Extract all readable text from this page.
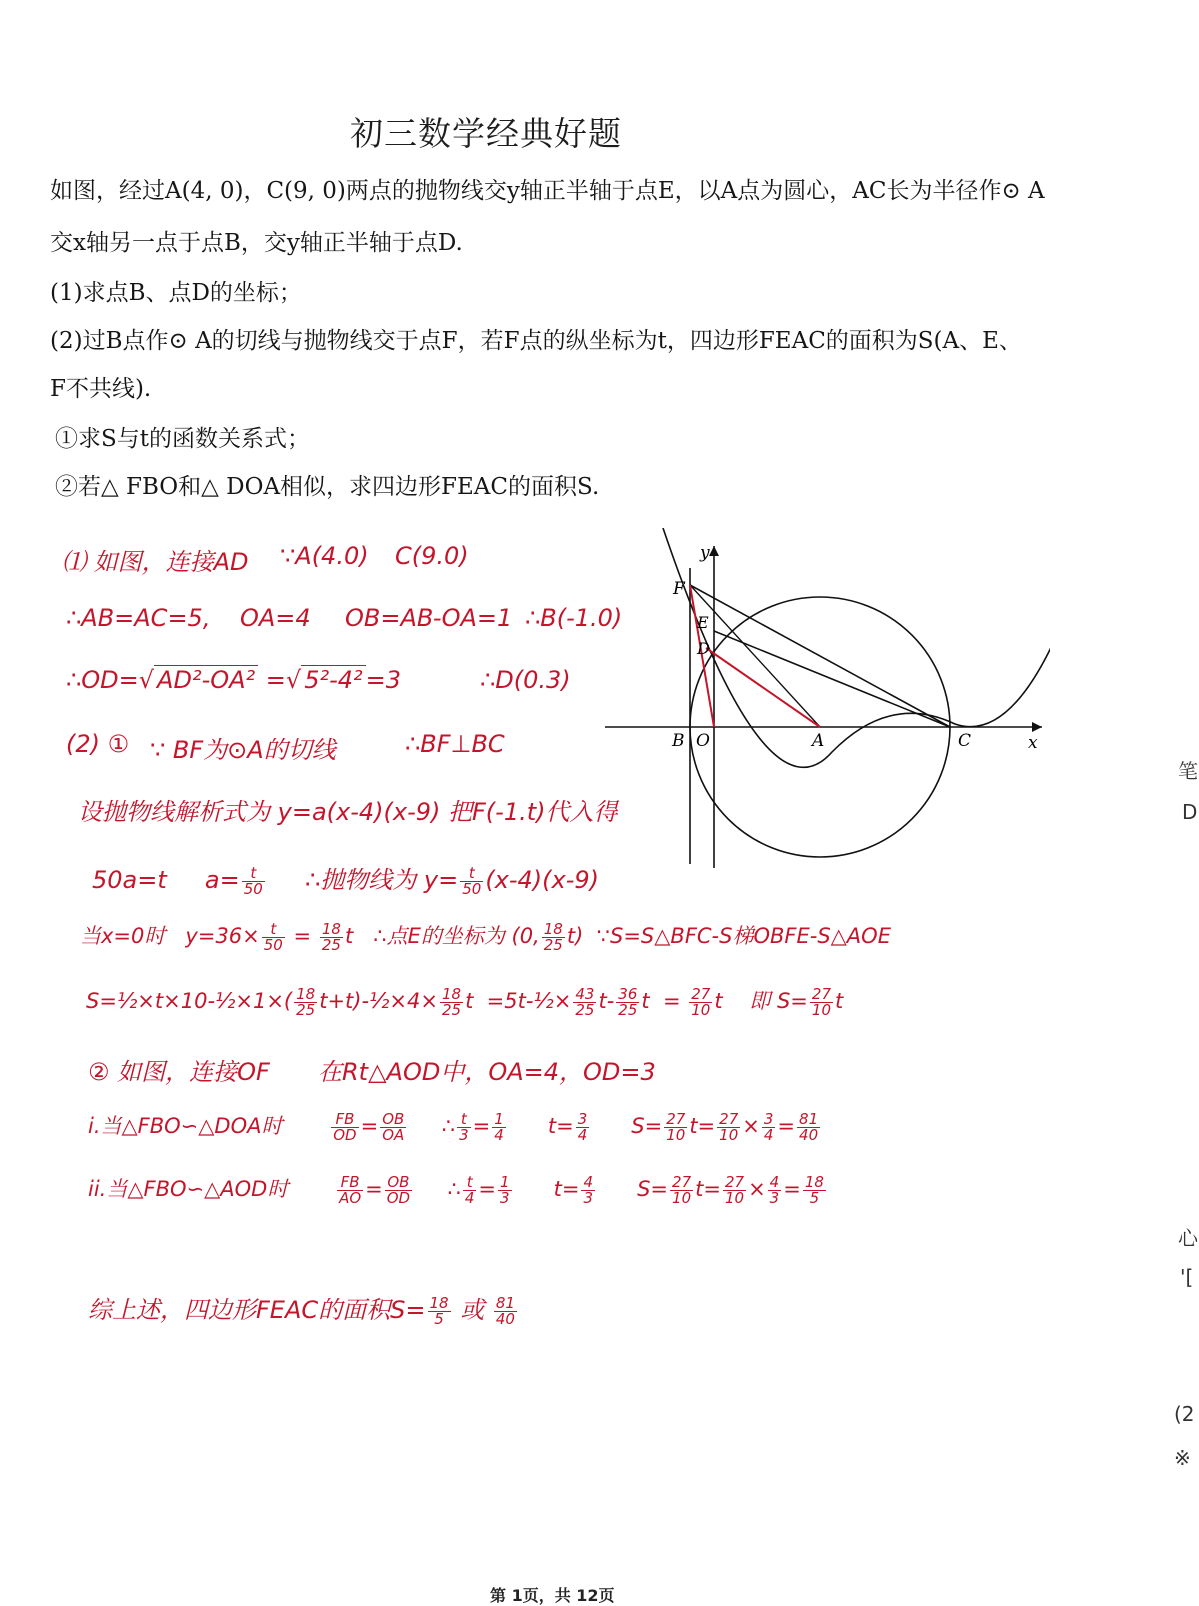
初三数学经典好题
如图，经过A(4, 0)，C(9, 0)两点的抛物线交y轴正半轴于点E，以A点为圆心，AC长为半径作⊙ A
交x轴另一点于点B，交y轴正半轴于点D.
(1)求点B、点D的坐标；
(2)过B点作⊙ A的切线与抛物线交于点F，若F点的纵坐标为t，四边形FEAC的面积为S(A、E、
F不共线).
①求S与t的函数关系式；
②若△ FBO和△ DOA相似，求四边形FEAC的面积S.
y
x
F
E
D
B O	A	C
⑴ 如图，连接AD ∵A(4.0) C(9.0)
∴AB=AC=5, OA=4 OB=AB-OA=1 ∴B(-1.0)
∴OD=√ AD²-OA² =√ 5²-4² =3	∴D(0.3)
(2) ① ∵ BF为⊙A的切线	∴BF⊥BC
设抛物线解析式为 y=a(x-4)(x-9) 把F(-1.t)代入得
50a=t $a= \frac{t}{50}$ ∴抛物线为 $y= \frac{t}{50} (x-4)(x-9)$
当x=0时 $y=36\times \frac{t}{50} = \frac{18}{25}$ t ∴点E的坐标为 (0, $\frac{18}{25} t$) ∵S=S△BFC-S梯OBFE-S△AOE
S=½×t×10-½×1×( $\frac{18}{25}$ t+t)-½×4× $\frac{18}{25}$ t =5t-½× $\frac{43}{25} t- \frac{36}{25}$ $t = \frac{27}{10}$ t 即 $S= \frac{27}{10}$ t
② 如图，连接OF 在Rt△AOD中，OA=4，OD=3
i.当△FBO∽△DOA时	$\frac{FB}{OD} = \frac{OB}{OA}$ ∴ $\frac{t}{3} = \frac{1}{4} t= \frac{3}{4} S= \frac{27}{10} t= \frac{27}{10} \times \frac{3}{4} = \frac{81}{40}$
ii.当△FBO∽△AOD时	$\frac{FB}{AO} = \frac{OB}{OD}$ ∴ $\frac{t}{4} = \frac{1}{3} t= \frac{4}{3} S= \frac{27}{10} t= \frac{27}{10} \times \frac{4}{3} = \frac{18}{5}$
综上述，四边形FEAC的面积$S= \frac{18}{5}$ 或 $\frac{81}{40}$
笔
D
心
'[
(2
※
第 1页，共 12页
